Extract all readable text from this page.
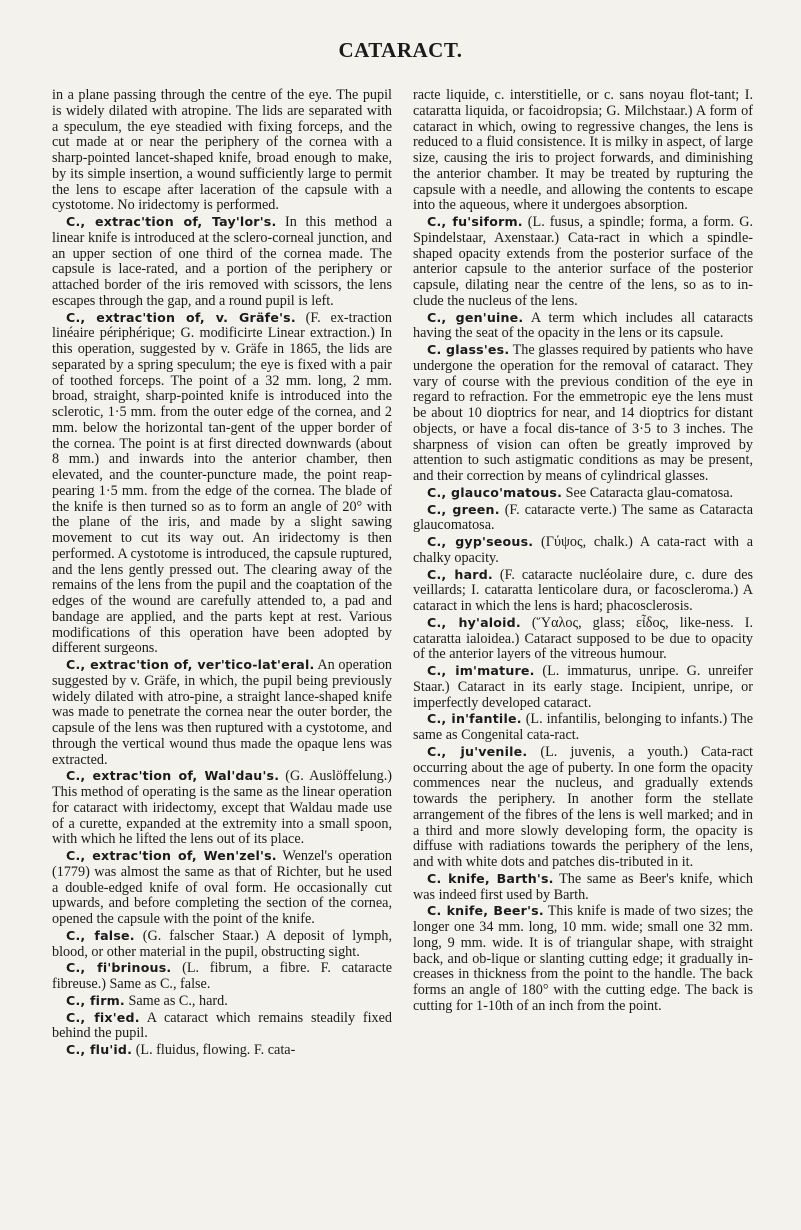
CATARACT.

in a plane passing through the centre of the eye. The pupil is widely dilated with atropine. The lids are separated with a speculum, the eye steadied with fixing forceps, and the cut made at or near the periphery of the cornea with a sharp-pointed lancet-shaped knife, broad enough to make, by its simple insertion, a wound sufficiently large to permit the lens to escape after laceration of the capsule with a cystotome. No iridectomy is performed.

C., extrac'tion of, Tay'lor's. In this method a linear knife is introduced at the sclero-corneal junction, and an upper section of one third of the cornea made. The capsule is lace-rated, and a portion of the periphery or attached border of the iris removed with scissors, the lens escapes through the gap, and a round pupil is left.

C., extrac'tion of, v. Gräfe's. (F. ex-traction linéaire périphérique; G. modificirte Linear extraction.) In this operation, suggested by v. Gräfe in 1865, the lids are separated by a spring speculum; the eye is fixed with a pair of toothed forceps. The point of a 32 mm. long, 2 mm. broad, straight, sharp-pointed knife is introduced into the sclerotic, 1·5 mm. from the outer edge of the cornea, and 2 mm. below the horizontal tan-gent of the upper border of the cornea. The point is at first directed downwards (about 8 mm.) and inwards into the anterior chamber, then elevated, and the counter-puncture made, the point reap-pearing 1·5 mm. from the edge of the cornea. The blade of the knife is then turned so as to form an angle of 20° with the plane of the iris, and made by a slight sawing movement to cut its way out. An iridectomy is then performed. A cystotome is introduced, the capsule ruptured, and the lens gently pressed out. The clearing away of the remains of the lens from the pupil and the coaptation of the edges of the wound are carefully attended to, a pad and bandage are applied, and the parts kept at rest. Various modifications of this operation have been adopted by different surgeons.

C., extrac'tion of, ver'tico-lat'eral. An operation suggested by v. Gräfe, in which, the pupil being previously widely dilated with atro-pine, a straight lance-shaped knife was made to penetrate the cornea near the outer border, the capsule of the lens was then ruptured with a cystotome, and through the vertical wound thus made the opaque lens was extracted.

C., extrac'tion of, Wal'dau's. (G. Auslöffelung.) This method of operating is the same as the linear operation for cataract with iridectomy, except that Waldau made use of a curette, expanded at the extremity into a small spoon, with which he lifted the lens out of its place.

C., extrac'tion of, Wen'zel's. Wenzel's operation (1779) was almost the same as that of Richter, but he used a double-edged knife of oval form. He occasionally cut upwards, and before completing the section of the cornea, opened the capsule with the point of the knife.

C., false. (G. falscher Staar.) A deposit of lymph, blood, or other material in the pupil, obstructing sight.

C., fi'brinous. (L. fibrum, a fibre. F. cataracte fibreuse.) Same as C., false.

C., firm. Same as C., hard.

C., fix'ed. A cataract which remains steadily fixed behind the pupil.

C., flu'id. (L. fluidus, flowing. F. cata-

racte liquide, c. interstitielle, or c. sans noyau flot-tant; I. cataratta liquida, or facoidropsia; G. Milchstaar.) A form of cataract in which, owing to regressive changes, the lens is reduced to a fluid consistence. It is milky in aspect, of large size, causing the iris to project forwards, and diminishing the anterior chamber. It may be treated by rupturing the capsule with a needle, and allowing the contents to escape into the aqueous, where it undergoes absorption.

C., fu'siform. (L. fusus, a spindle; forma, a form. G. Spindelstaar, Axenstaar.) Cata-ract in which a spindle-shaped opacity extends from the posterior surface of the anterior capsule to the anterior surface of the posterior capsule, dilating near the centre of the lens, so as to in-clude the nucleus of the lens.

C., gen'uine. A term which includes all cataracts having the seat of the opacity in the lens or its capsule.

C. glass'es. The glasses required by patients who have undergone the operation for the removal of cataract. They vary of course with the previous condition of the eye in regard to refraction. For the emmetropic eye the lens must be about 10 dioptrics for near, and 14 dioptrics for distant objects, or have a focal dis-tance of 3·5 to 3 inches. The sharpness of vision can often be greatly improved by attention to such astigmatic conditions as may be present, and their correction by means of cylindrical glasses.

C., glauco'matous. See Cataracta glau-comatosa.

C., green. (F. cataracte verte.) The same as Cataracta glaucomatosa.

C., gyp'seous. (Γύψος, chalk.) A cata-ract with a chalky opacity.

C., hard. (F. cataracte nucléolaire dure, c. dure des veillards; I. cataratta lenticolare dura, or facoscleroma.) A cataract in which the lens is hard; phacosclerosis.

C., hy'aloid. (Ὕαλος, glass; εἶδος, like-ness. I. cataratta ialoidea.) Cataract supposed to be due to opacity of the anterior layers of the vitreous humour.

C., im'mature. (L. immaturus, unripe. G. unreifer Staar.) Cataract in its early stage. Incipient, unripe, or imperfectly developed cataract.

C., in'fantile. (L. infantilis, belonging to infants.) The same as Congenital cata-ract.

C., ju'venile. (L. juvenis, a youth.) Cata-ract occurring about the age of puberty. In one form the opacity commences near the nucleus, and gradually extends towards the periphery. In another form the stellate arrangement of the fibres of the lens is well marked; and in a third and more slowly developing form, the opacity is diffuse with radiations towards the periphery of the lens, and with white dots and patches dis-tributed in it.

C. knife, Barth's. The same as Beer's knife, which was indeed first used by Barth.

C. knife, Beer's. This knife is made of two sizes; the longer one 34 mm. long, 10 mm. wide; small one 32 mm. long, 9 mm. wide. It is of triangular shape, with straight back, and ob-lique or slanting cutting edge; it gradually in-creases in thickness from the point to the handle. The back forms an angle of 180° with the cutting edge. The back is cutting for 1-10th of an inch from the point.
